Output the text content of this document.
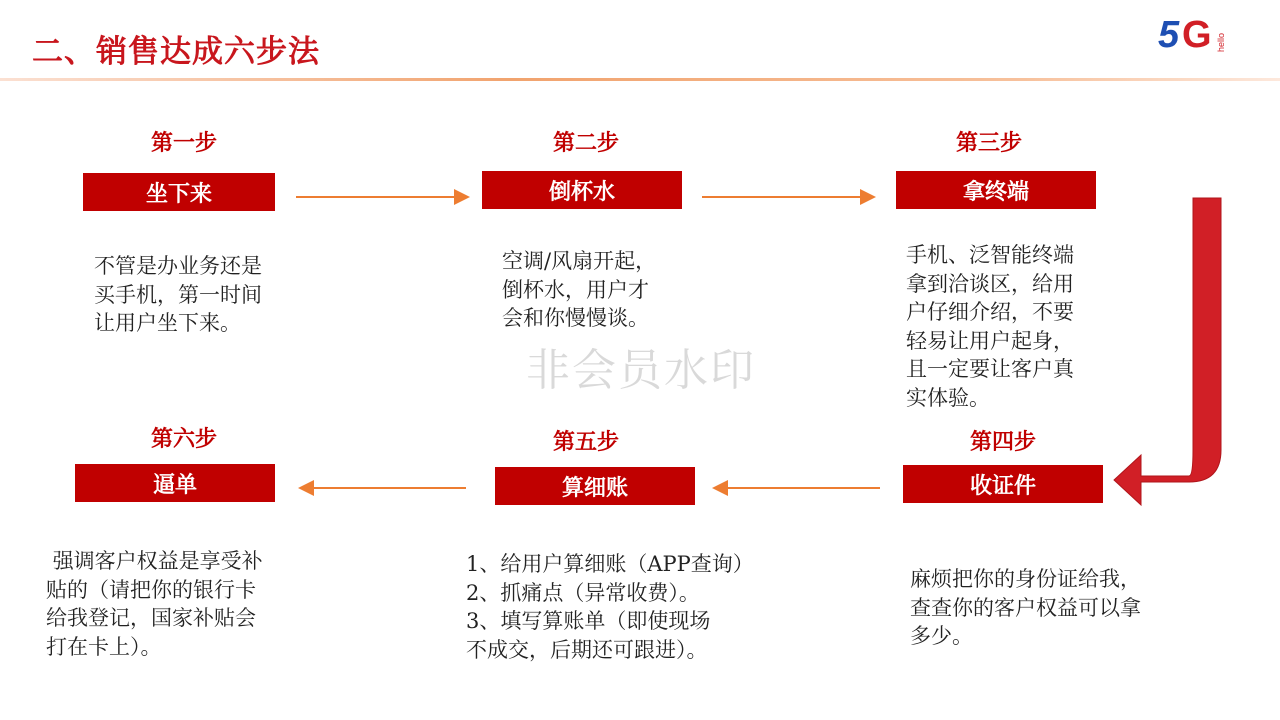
二、销售达成六步法	5 G hello
第一步
坐下来
不管是办业务还是
买手机，第一时间
让用户坐下来。
第二步
倒杯水
空调/风扇开起，
倒杯水，用户才
会和你慢慢谈。
第三步
拿终端
手机、泛智能终端
拿到洽谈区，给用
户仔细介绍，不要
轻易让用户起身，
且一定要让客户真
实体验。
非会员水印
第四步
收证件
麻烦把你的身份证给我，
查查你的客户权益可以拿
多少。
第五步
算细账
1、给用户算细账（APP查询）
2、抓痛点（异常收费）。
3、填写算账单（即使现场
不成交，后期还可跟进）。
第六步
逼单
强调客户权益是享受补
贴的（请把你的银行卡
给我登记，国家补贴会
打在卡上）。
